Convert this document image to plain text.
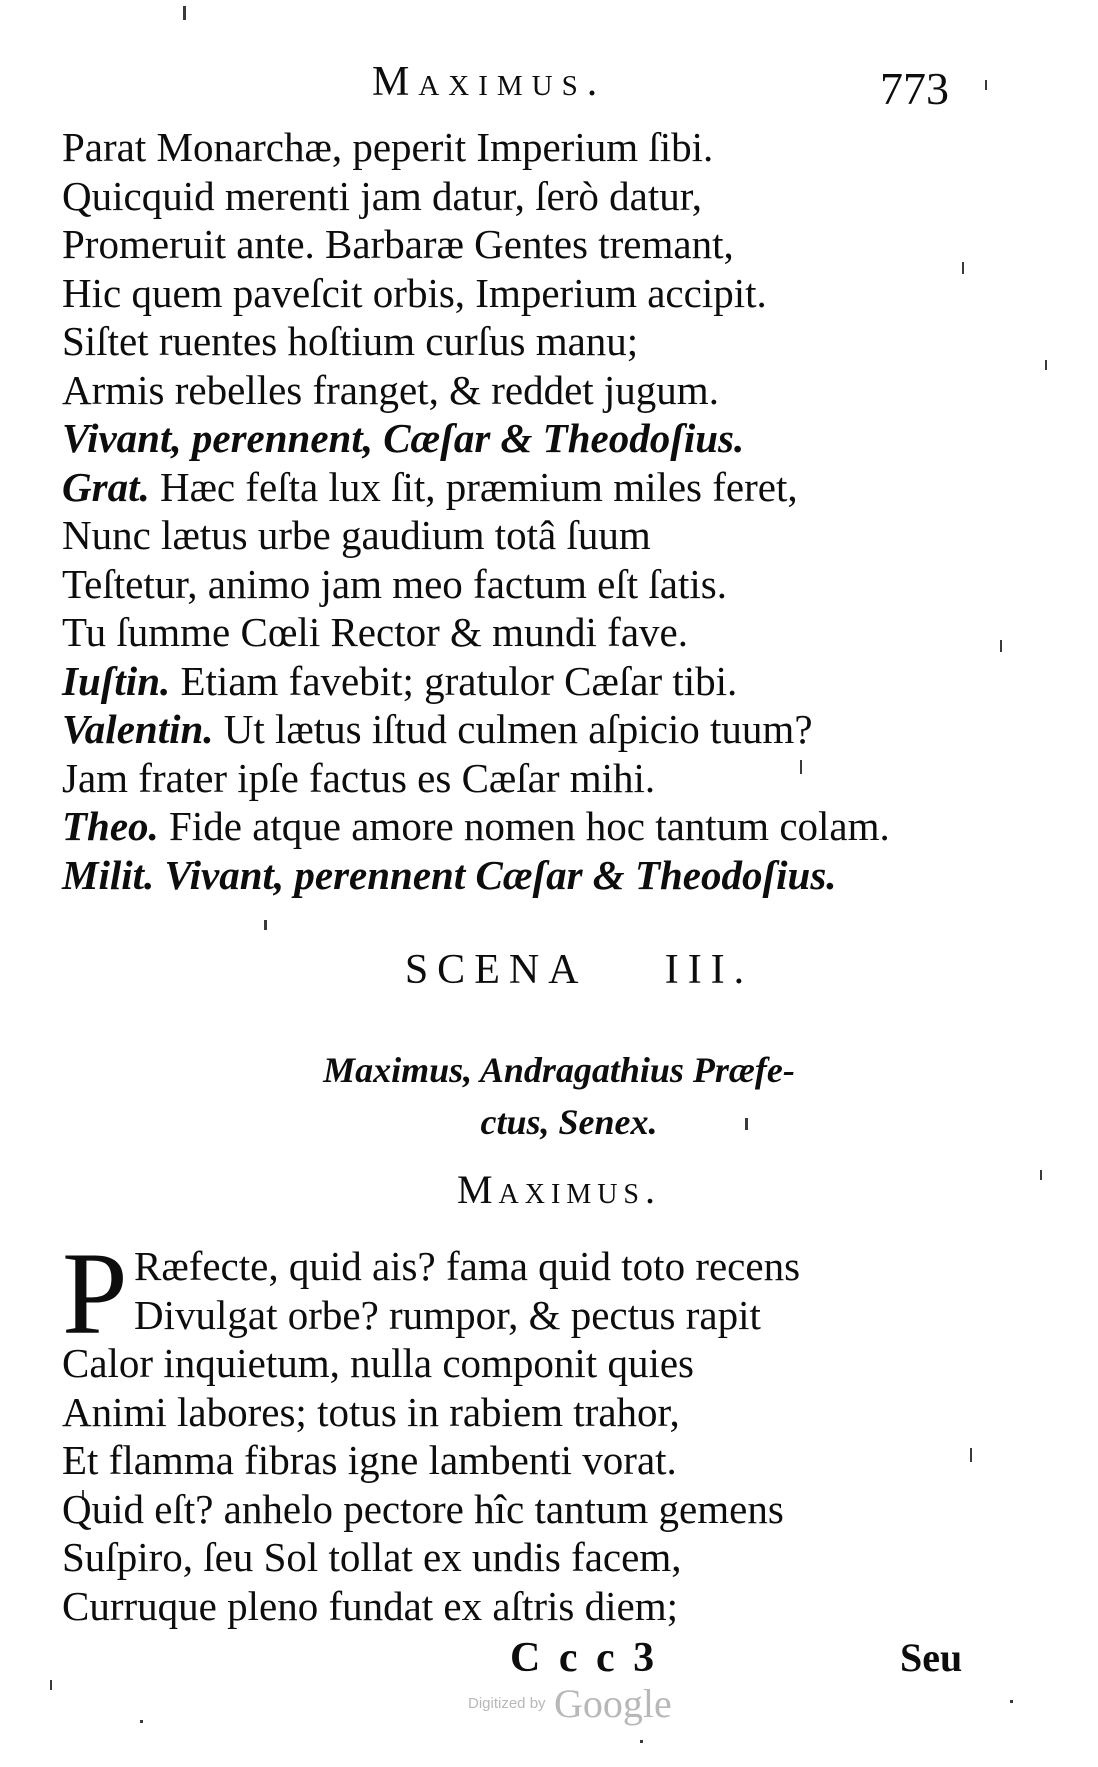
Maximus.	773
Parat Monarchæ, peperit Imperium ſibi.
Quicquid merenti jam datur, ſerò datur,
Promeruit ante. Barbaræ Gentes tremant,
Hic quem paveſcit orbis, Imperium accipit.
Siſtet ruentes hoſtium curſus manu;
Armis rebelles franget, & reddet jugum.
Vivant, perennent, Cæſar & Theodoſius.
Grat. Hæc feſta lux ſit, præmium miles feret,
Nunc lætus urbe gaudium totâ ſuum
Teſtetur, animo jam meo factum eſt ſatis.
Tu ſumme Cœli Rector & mundi fave.
Iuſtin. Etiam favebit; gratulor Cæſar tibi.
Valentin. Ut lætus iſtud culmen aſpicio tuum?
Jam frater ipſe factus es Cæſar mihi.
Theo. Fide atque amore nomen hoc tantum colam.
Milit. Vivant, perennent Cæſar & Theodoſius.
SCENA III.
Maximus, Andragathius Præfe-
ctus, Senex.
Maximus.
P Ræfecte, quid ais? fama quid toto recens
Divulgat orbe? rumpor, & pectus rapit
Calor inquietum, nulla componit quies
Animi labores; totus in rabiem trahor,
Et flamma fibras igne lambenti vorat.
Quid eſt? anhelo pectore hîc tantum gemens
Suſpiro, ſeu Sol tollat ex undis facem,
Curruque pleno fundat ex aſtris diem;
C c c 3	Seu
Digitized by Google
